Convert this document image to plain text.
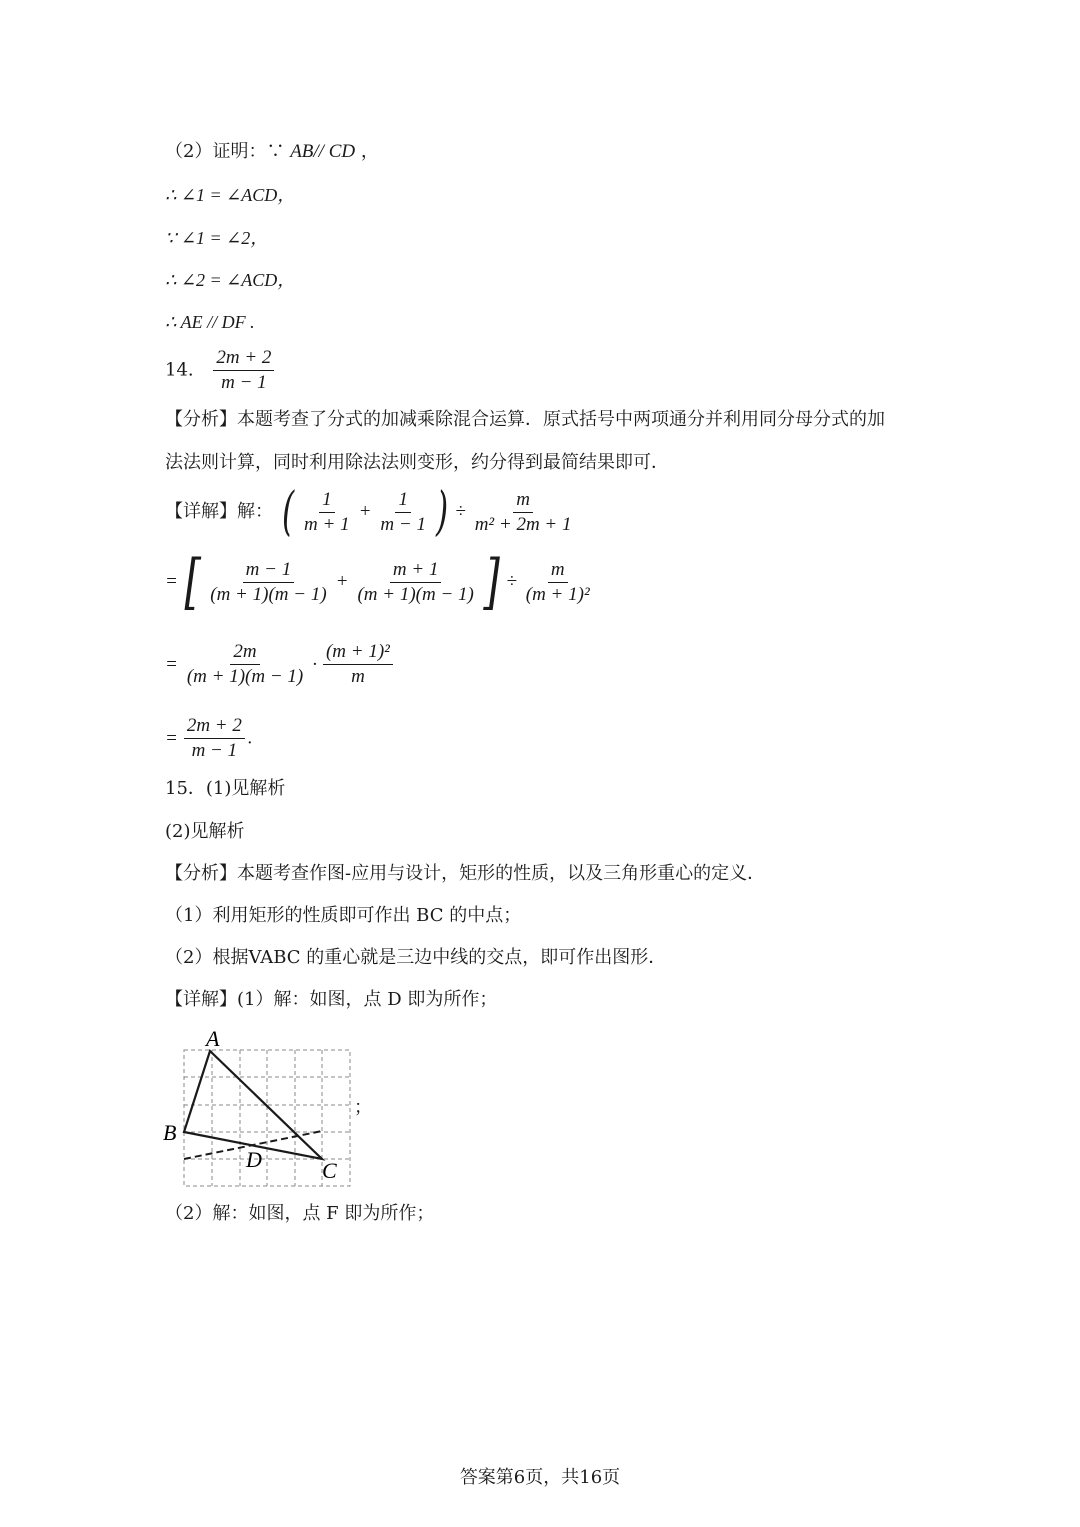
（2）证明：∵ AB// CD ，
∴ ∠1 = ∠ACD，
∵ ∠1 = ∠2，
∴ ∠2 = ∠ACD，
∴ AE // DF .
14. $\frac{2m + 2}{m - 1}$
【分析】本题考查了分式的加减乘除混合运算．原式括号中两项通分并利用同分母分式的加
法法则计算，同时利用除法法则变形，约分得到最简结果即可．
【详解】解： ( $\frac{1}{m + 1} + \frac{1}{m - 1}$ ) ÷ $\frac{m}{\text{m² + 2m + 1}}$
= [ $\frac{m - 1}{(m + 1)(m - 1)} + \frac{m + 1}{(m + 1)(m - 1)}$ ] ÷ $\frac{m}{\text{(m + 1)²}}$
= $\frac{2m}{(m + 1)(m - 1)} \cdot \frac{\text{(m + 1)²}}{m}$
= $\frac{2m + 2}{m - 1}$ .
15．(1)见解析
(2)见解析
【分析】本题考查作图-应用与设计，矩形的性质，以及三角形重心的定义．
（1）利用矩形的性质即可作出 BC 的中点；
（2）根据VABC 的重心就是三边中线的交点，即可作出图形．
【详解】(1）解：如图，点 D 即为所作；
A
B
C
D
；
（2）解：如图，点 F 即为所作；
答案第6页，共16页
